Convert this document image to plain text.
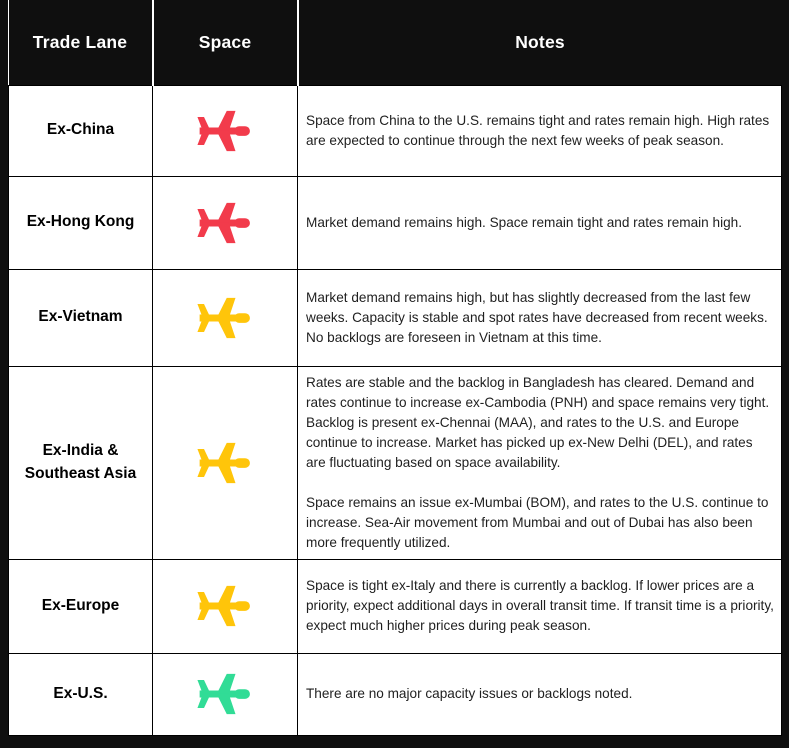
Trade Lane	Space	Notes
Ex-China		Space from China to the U.S. remains tight and rates remain high. High rates are expected to continue through the next few weeks of peak season.

Ex-Hong Kong		Market demand remains high. Space remain tight and rates remain high.

Ex-Vietnam		Market demand remains high, but has slightly decreased from the last few weeks. Capacity is stable and spot rates have decreased from recent weeks. No backlogs are foreseen in Vietnam at this time.

Ex-India & Southeast Asia		Rates are stable and the backlog in Bangladesh has cleared. Demand and rates continue to increase ex-Cambodia (PNH) and space remains very tight. Backlog is present ex-Chennai (MAA), and rates to the U.S. and Europe continue to increase. Market has picked up ex-New Delhi (DEL), and rates are fluctuating based on space availability.

Space remains an issue ex-Mumbai (BOM), and rates to the U.S. continue to increase. Sea-Air movement from Mumbai and out of Dubai has also been more frequently utilized.

Ex-Europe		Space is tight ex-Italy and there is currently a backlog. If lower prices are a priority, expect additional days in overall transit time. If transit time is a priority, expect much higher prices during peak season.

Ex-U.S.		There are no major capacity issues or backlogs noted.
